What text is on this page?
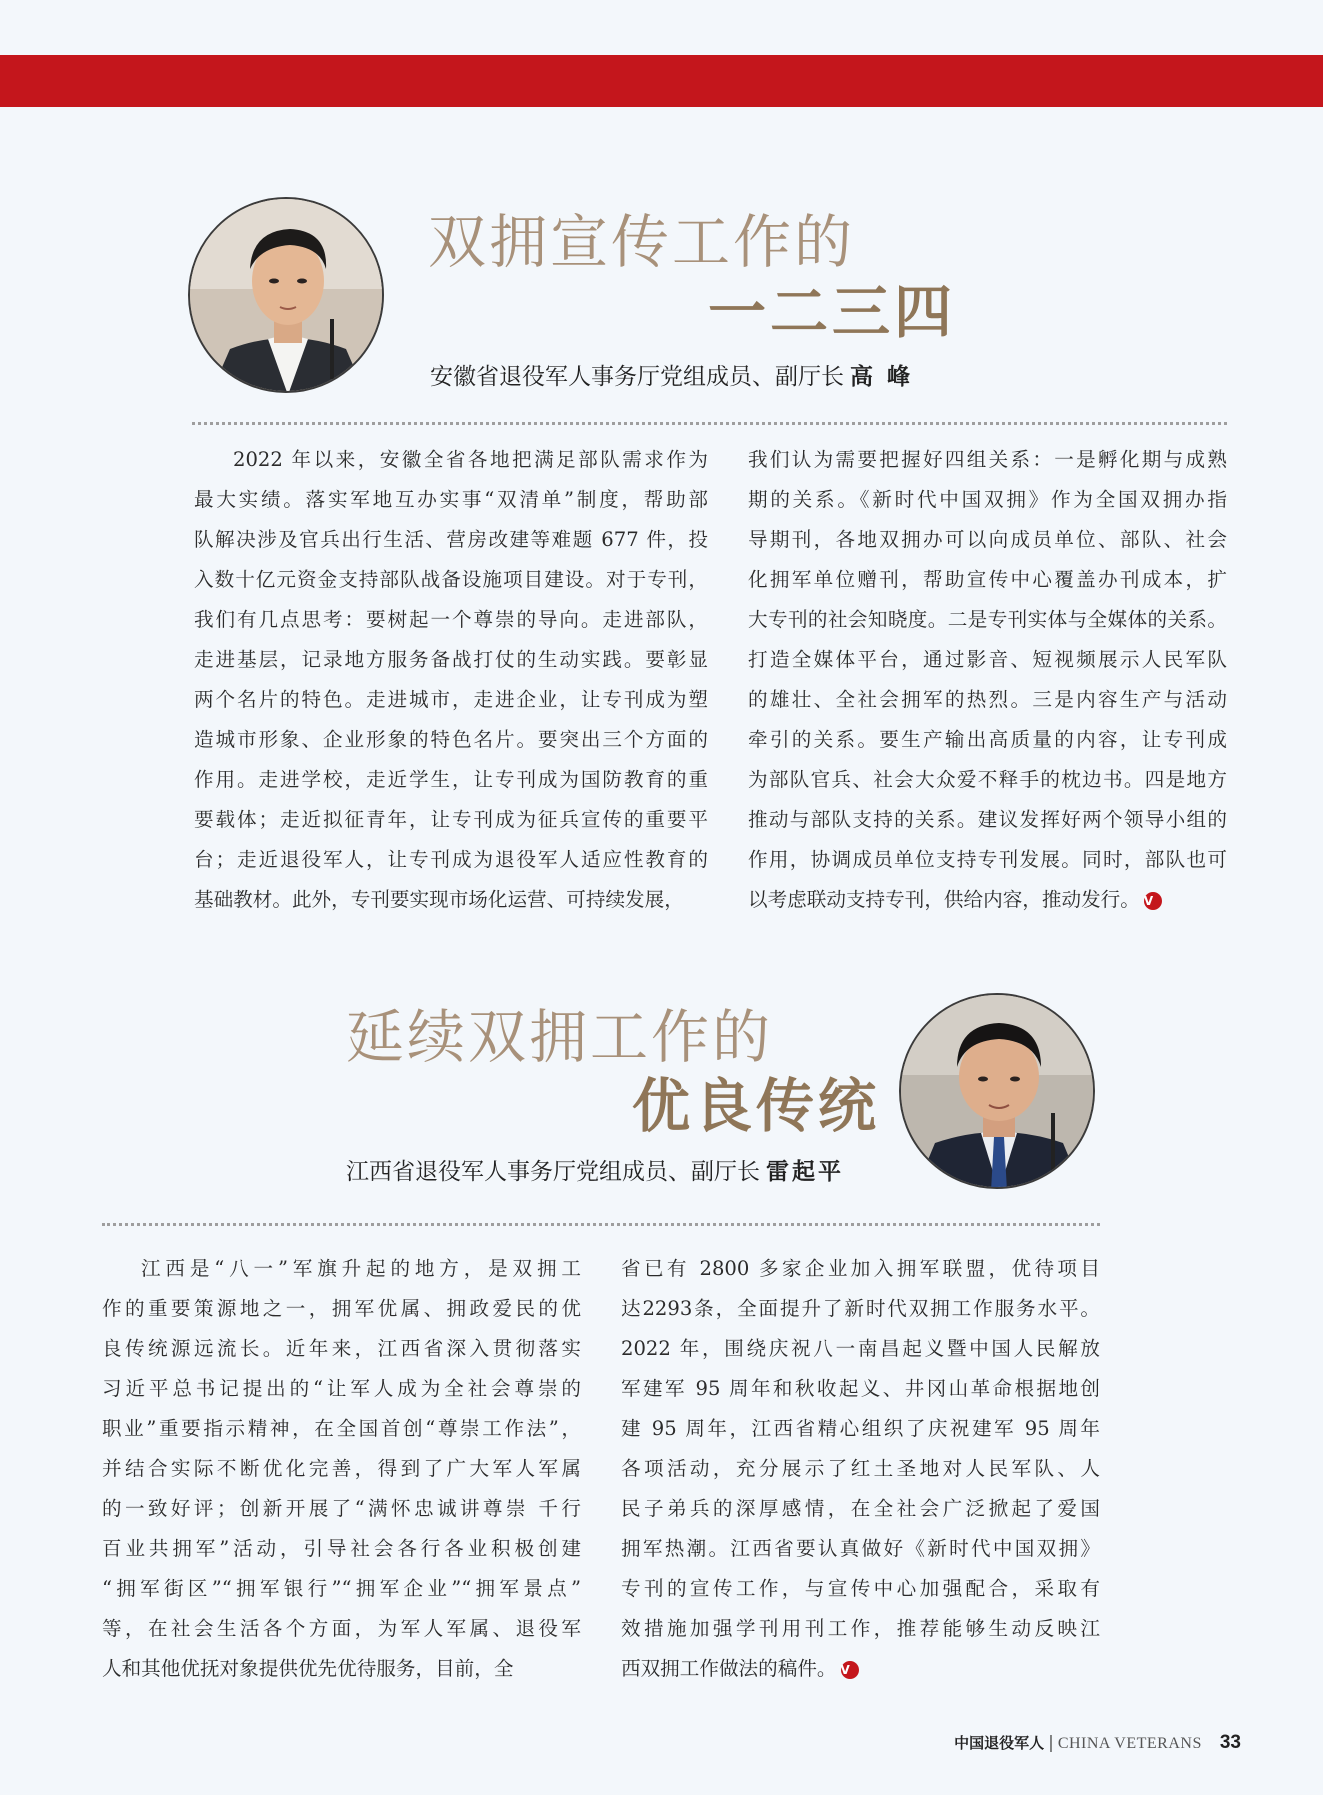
双拥宣传工作的
一二三四
安徽省退役军人事务厅党组成员、副厅长 高 峰
2022 年以来，安徽全省各地把满足部队需求作为
最大实绩。落实军地互办实事“双清单”制度，帮助部
队解决涉及官兵出行生活、营房改建等难题 677 件，投
入数十亿元资金支持部队战备设施项目建设。对于专刊，
我们有几点思考：要树起一个尊崇的导向。走进部队，
走进基层，记录地方服务备战打仗的生动实践。要彰显
两个名片的特色。走进城市，走进企业，让专刊成为塑
造城市形象、企业形象的特色名片。要突出三个方面的
作用。走进学校，走近学生，让专刊成为国防教育的重
要载体；走近拟征青年，让专刊成为征兵宣传的重要平
台；走近退役军人，让专刊成为退役军人适应性教育的
基础教材。此外，专刊要实现市场化运营、可持续发展，
我们认为需要把握好四组关系：一是孵化期与成熟
期的关系。《新时代中国双拥》作为全国双拥办指
导期刊，各地双拥办可以向成员单位、部队、社会
化拥军单位赠刊，帮助宣传中心覆盖办刊成本，扩
大专刊的社会知晓度。二是专刊实体与全媒体的关系。
打造全媒体平台，通过影音、短视频展示人民军队
的雄壮、全社会拥军的热烈。三是内容生产与活动
牵引的关系。要生产输出高质量的内容，让专刊成
为部队官兵、社会大众爱不释手的枕边书。四是地方
推动与部队支持的关系。建议发挥好两个领导小组的
作用，协调成员单位支持专刊发展。同时，部队也可
以考虑联动支持专刊，供给内容，推动发行。 V
延续双拥工作的
优良传统
江西省退役军人事务厅党组成员、副厅长 雷起平
江西是“八一”军旗升起的地方，是双拥工
作的重要策源地之一，拥军优属、拥政爱民的优
良传统源远流长。近年来，江西省深入贯彻落实
习近平总书记提出的“让军人成为全社会尊崇的
职业”重要指示精神，在全国首创“尊崇工作法”，
并结合实际不断优化完善，得到了广大军人军属
的一致好评；创新开展了“满怀忠诚讲尊崇 千行
百业共拥军”活动，引导社会各行各业积极创建
“拥军街区”“拥军银行”“拥军企业”“拥军景点”
等，在社会生活各个方面，为军人军属、退役军
人和其他优抚对象提供优先优待服务，目前，全
省已有 2800 多家企业加入拥军联盟，优待项目
达2293条，全面提升了新时代双拥工作服务水平。
2022 年，围绕庆祝八一南昌起义暨中国人民解放
军建军 95 周年和秋收起义、井冈山革命根据地创
建 95 周年，江西省精心组织了庆祝建军 95 周年
各项活动，充分展示了红土圣地对人民军队、人
民子弟兵的深厚感情，在全社会广泛掀起了爱国
拥军热潮。江西省要认真做好《新时代中国双拥》
专刊的宣传工作，与宣传中心加强配合，采取有
效措施加强学刊用刊工作，推荐能够生动反映江
西双拥工作做法的稿件。 V
中国退役军人 | CHINA VETERANS 33
